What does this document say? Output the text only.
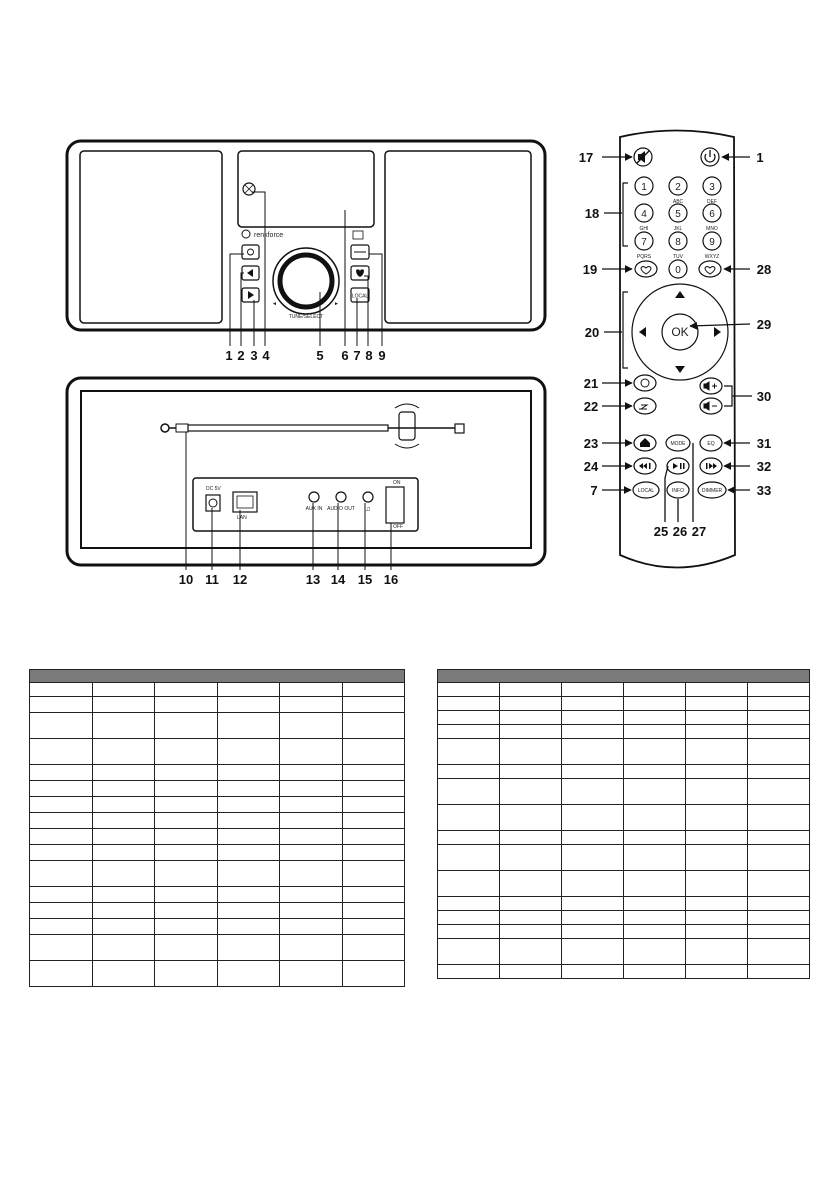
renkforce
TUNE/SELECT
◄	►
LOCAL
1 2 3 4	5 6 7 8 9
DC 5V
LAN
AUX IN AUDIO OUT ♫
ON
OFF
10 11 12	13 14 15 16
1	2	3
4	5	6
7	8	9
0
OK
ABC	DEF
GHI	JKL	MNO
PQRS	TUV	WXYZ
MODE	EQ
LOCAL	INFO	DIMMER
17
18
19
20
21
22
23
24
7
1
28
29
30
31
32
33
25 26 27
